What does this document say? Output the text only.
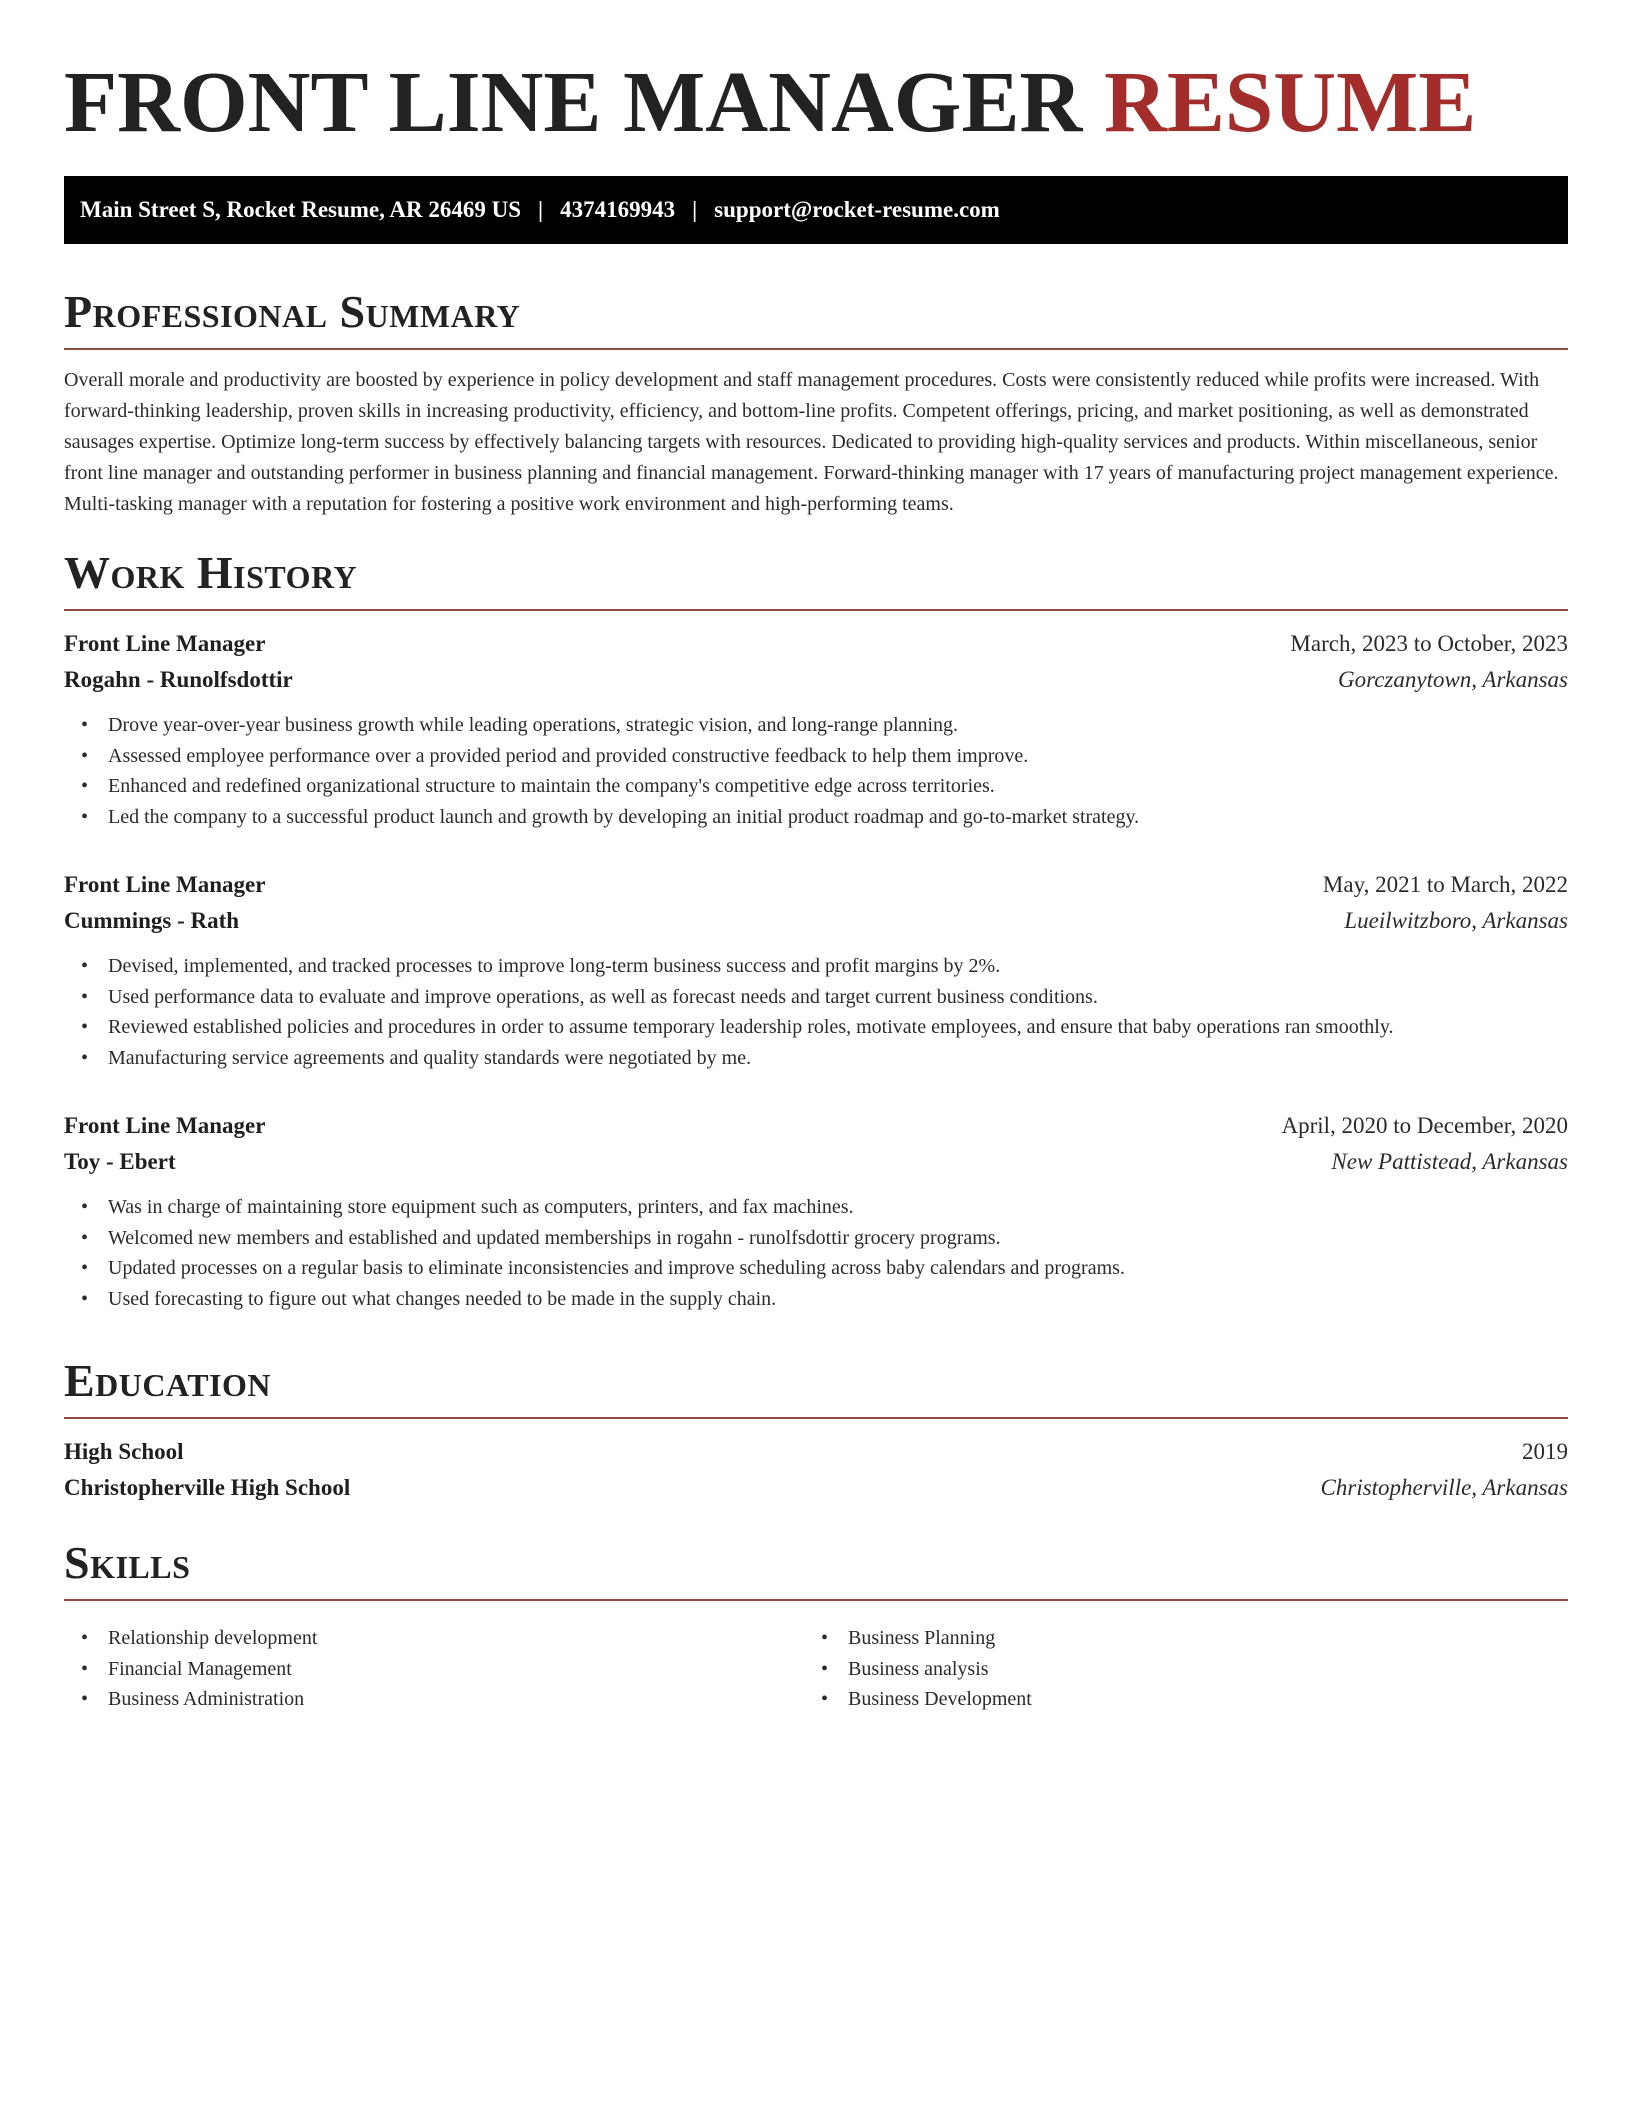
FRONT LINE MANAGER RESUME
Main Street S, Rocket Resume, AR 26469 US | 4374169943 | support@rocket-resume.com
Professional Summary

Overall morale and productivity are boosted by experience in policy development and staff management procedures. Costs were consistently reduced while profits were increased. With forward-thinking leadership, proven skills in increasing productivity, efficiency, and bottom-line profits. Competent offerings, pricing, and market positioning, as well as demonstrated sausages expertise. Optimize long-term success by effectively balancing targets with resources. Dedicated to providing high-quality services and products. Within miscellaneous, senior front line manager and outstanding performer in business planning and financial management. Forward-thinking manager with 17 years of manufacturing project management experience. Multi-tasking manager with a reputation for fostering a positive work environment and high-performing teams.

Work History
Front Line Manager	March, 2023 to October, 2023
Rogahn - Runolfsdottir	Gorczanytown, Arkansas
• Drove year-over-year business growth while leading operations, strategic vision, and long-range planning.
• Assessed employee performance over a provided period and provided constructive feedback to help them improve.
• Enhanced and redefined organizational structure to maintain the company's competitive edge across territories.
• Led the company to a successful product launch and growth by developing an initial product roadmap and go-to-market strategy.
Front Line Manager	May, 2021 to March, 2022
Cummings - Rath	Lueilwitzboro, Arkansas
• Devised, implemented, and tracked processes to improve long-term business success and profit margins by 2%.
• Used performance data to evaluate and improve operations, as well as forecast needs and target current business conditions.
• Reviewed established policies and procedures in order to assume temporary leadership roles, motivate employees, and ensure that baby operations ran smoothly.
• Manufacturing service agreements and quality standards were negotiated by me.
Front Line Manager	April, 2020 to December, 2020
Toy - Ebert	New Pattistead, Arkansas
• Was in charge of maintaining store equipment such as computers, printers, and fax machines.
• Welcomed new members and established and updated memberships in rogahn - runolfsdottir grocery programs.
• Updated processes on a regular basis to eliminate inconsistencies and improve scheduling across baby calendars and programs.
• Used forecasting to figure out what changes needed to be made in the supply chain.
Education
High School	2019
Christopherville High School	Christopherville, Arkansas
Skills
• Relationship development
• Financial Management
• Business Administration
• Business Planning
• Business analysis
• Business Development
